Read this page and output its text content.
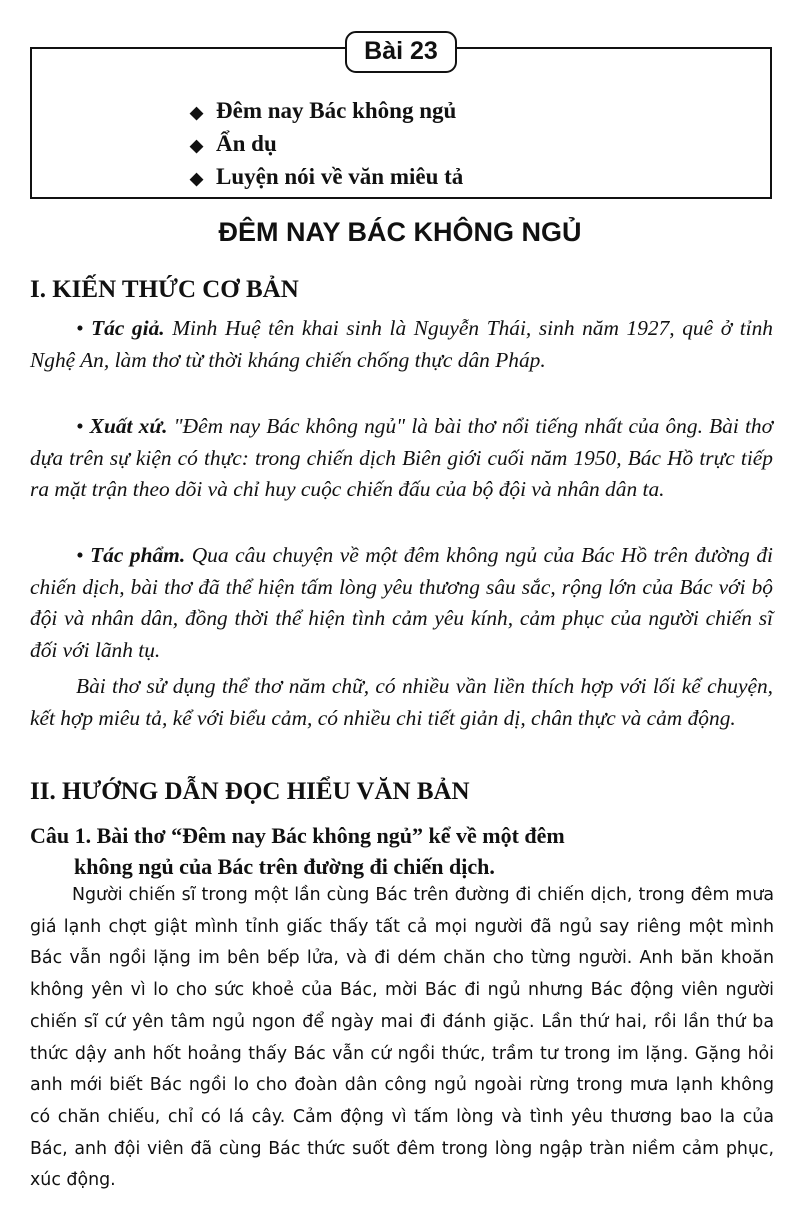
Bài 23
◆ Đêm nay Bác không ngủ
◆ Ẩn dụ
◆ Luyện nói về văn miêu tả
ĐÊM NAY BÁC KHÔNG NGỦ
I. KIẾN THỨC CƠ BẢN

• Tác giả. Minh Huệ tên khai sinh là Nguyễn Thái, sinh năm 1927, quê ở tỉnh Nghệ An, làm thơ từ thời kháng chiến chống thực dân Pháp.

• Xuất xứ. "Đêm nay Bác không ngủ" là bài thơ nổi tiếng nhất của ông. Bài thơ dựa trên sự kiện có thực: trong chiến dịch Biên giới cuối năm 1950, Bác Hồ trực tiếp ra mặt trận theo dõi và chỉ huy cuộc chiến đấu của bộ đội và nhân dân ta.

• Tác phẩm. Qua câu chuyện về một đêm không ngủ của Bác Hồ trên đường đi chiến dịch, bài thơ đã thể hiện tấm lòng yêu thương sâu sắc, rộng lớn của Bác với bộ đội và nhân dân, đồng thời thể hiện tình cảm yêu kính, cảm phục của người chiến sĩ đối với lãnh tụ.

Bài thơ sử dụng thể thơ năm chữ, có nhiều vần liền thích hợp với lối kể chuyện, kết hợp miêu tả, kể với biểu cảm, có nhiều chi tiết giản dị, chân thực và cảm động.

II. HƯỚNG DẪN ĐỌC HIỂU VĂN BẢN
Câu 1. Bài thơ “Đêm nay Bác không ngủ” kể về một đêm
không ngủ của Bác trên đường đi chiến dịch.

Người chiến sĩ trong một lần cùng Bác trên đường đi chiến dịch, trong đêm mưa giá lạnh chợt giật mình tỉnh giấc thấy tất cả mọi người đã ngủ say riêng một mình Bác vẫn ngồi lặng im bên bếp lửa, và đi dém chăn cho từng người. Anh băn khoăn không yên vì lo cho sức khoẻ của Bác, mời Bác đi ngủ nhưng Bác động viên người chiến sĩ cứ yên tâm ngủ ngon để ngày mai đi đánh giặc. Lần thứ hai, rồi lần thứ ba thức dậy anh hốt hoảng thấy Bác vẫn cứ ngồi thức, trầm tư trong im lặng. Gặng hỏi anh mới biết Bác ngồi lo cho đoàn dân công ngủ ngoài rừng trong mưa lạnh không có chăn chiếu, chỉ có lá cây. Cảm động vì tấm lòng và tình yêu thương bao la của Bác, anh đội viên đã cùng Bác thức suốt đêm trong lòng ngập tràn niềm cảm phục, xúc động.
